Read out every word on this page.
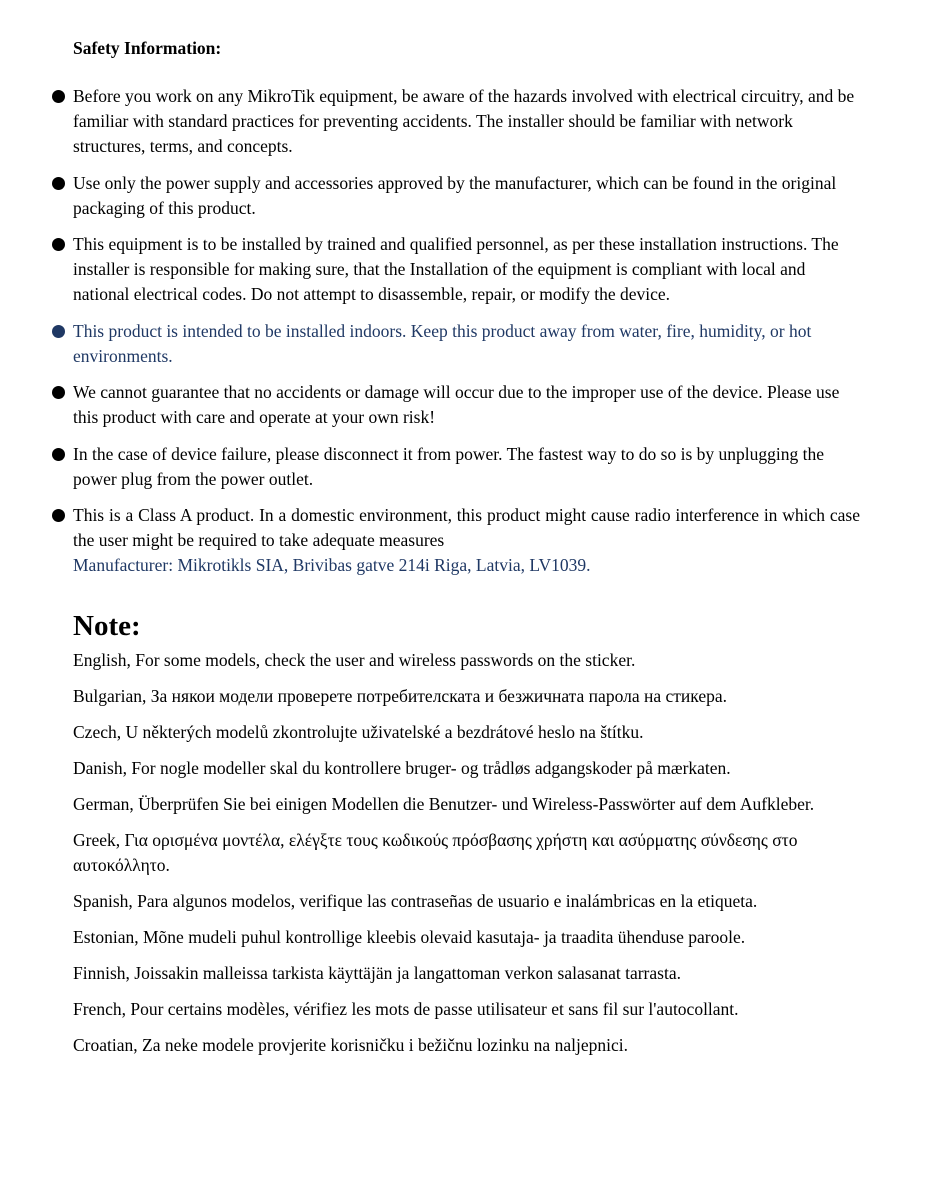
Safety Information:
Before you work on any MikroTik equipment, be aware of the hazards involved with electrical circuitry, and be familiar with standard practices for preventing accidents. The installer should be familiar with network structures, terms, and concepts.
Use only the power supply and accessories approved by the manufacturer, which can be found in the original packaging of this product.
This equipment is to be installed by trained and qualified personnel, as per these installation instructions. The installer is responsible for making sure, that the Installation of the equipment is compliant with local and national electrical codes. Do not attempt to disassemble, repair, or modify the device.
This product is intended to be installed indoors. Keep this product away from water, fire, humidity, or hot environments.
We cannot guarantee that no accidents or damage will occur due to the improper use of the device. Please use this product with care and operate at your own risk!
In the case of device failure, please disconnect it from power. The fastest way to do so is by unplugging the power plug from the power outlet.
This is a Class A product. In a domestic environment, this product might cause radio interference in which case the user might be required to take adequate measures
Manufacturer: Mikrotikls SIA, Brivibas gatve 214i Riga, Latvia, LV1039.
Note:

English, For some models, check the user and wireless passwords on the sticker.

Bulgarian, За някои модели проверете потребителската и безжичната парола на стикера.

Czech, U některých modelů zkontrolujte uživatelské a bezdrátové heslo na štítku.

Danish, For nogle modeller skal du kontrollere bruger- og trådløs adgangskoder på mærkaten.

German, Überprüfen Sie bei einigen Modellen die Benutzer- und Wireless-Passwörter auf dem Aufkleber.

Greek, Για ορισμένα μοντέλα, ελέγξτε τους κωδικούς πρόσβασης χρήστη και ασύρματης σύνδεσης στο αυτοκόλλητο.

Spanish, Para algunos modelos, verifique las contraseñas de usuario e inalámbricas en la etiqueta.

Estonian, Mõne mudeli puhul kontrollige kleebis olevaid kasutaja- ja traadita ühenduse paroole.

Finnish, Joissakin malleissa tarkista käyttäjän ja langattoman verkon salasanat tarrasta.

French, Pour certains modèles, vérifiez les mots de passe utilisateur et sans fil sur l'autocollant.

Croatian, Za neke modele provjerite korisničku i bežičnu lozinku na naljepnici.
